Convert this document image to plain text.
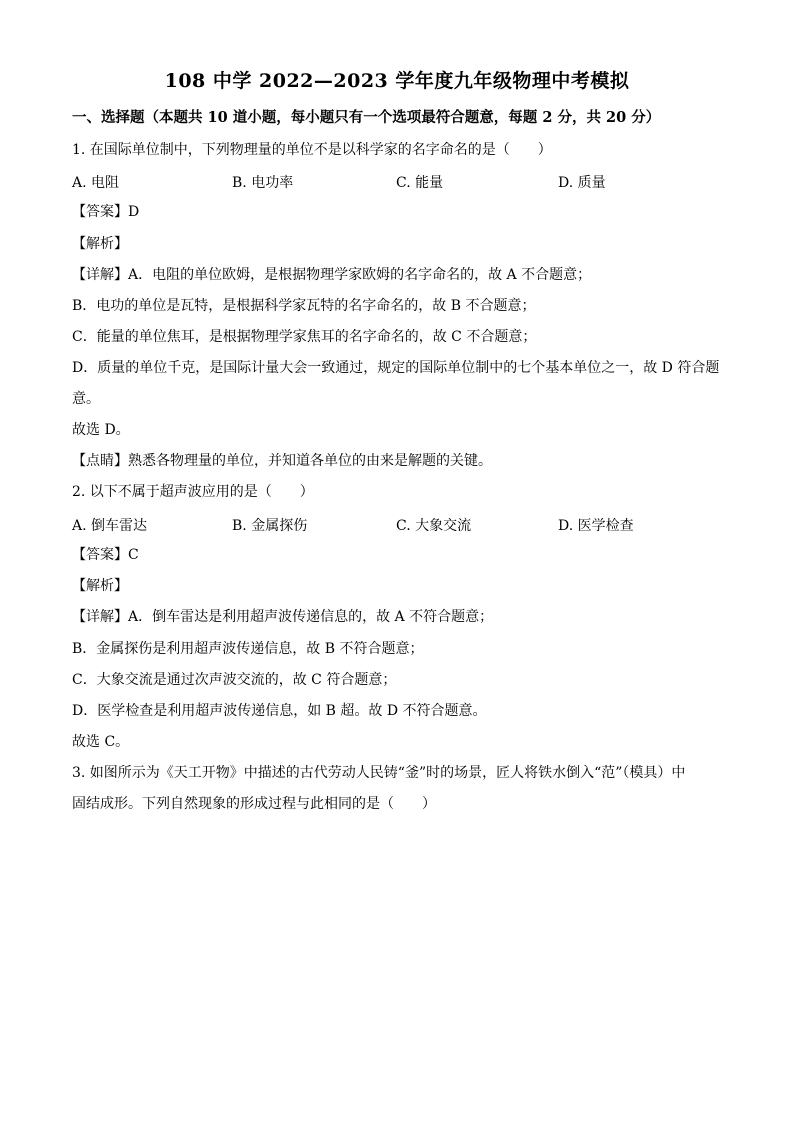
108 中学 2022—2023 学年度九年级物理中考模拟
一、选择题（本题共 10 道小题，每小题只有一个选项最符合题意，每题 2 分，共 20 分）
1. 在国际单位制中，下列物理量的单位不是以科学家的名字命名的是（　　）
A. 电阻	B. 电功率	C. 能量	D. 质量
【答案】D
【解析】
【详解】A．电阻的单位欧姆，是根据物理学家欧姆的名字命名的，故 A 不合题意；
B．电功的单位是瓦特，是根据科学家瓦特的名字命名的，故 B 不合题意；
C．能量的单位焦耳，是根据物理学家焦耳的名字命名的，故 C 不合题意；
D．质量的单位千克，是国际计量大会一致通过，规定的国际单位制中的七个基本单位之一，故 D 符合题
意。
故选 D。
【点睛】熟悉各物理量的单位，并知道各单位的由来是解题的关键。
2. 以下不属于超声波应用的是（　　）
A. 倒车雷达	B. 金属探伤	C. 大象交流	D. 医学检查
【答案】C
【解析】
【详解】A．倒车雷达是利用超声波传递信息的，故 A 不符合题意；
B．金属探伤是利用超声波传递信息，故 B 不符合题意；
C．大象交流是通过次声波交流的，故 C 符合题意；
D．医学检查是利用超声波传递信息，如 B 超。故 D 不符合题意。
故选 C。
3. 如图所示为《天工开物》中描述的古代劳动人民铸“釜”时的场景，匠人将铁水倒入“范”（模具）中
固结成形。下列自然现象的形成过程与此相同的是（　　）
